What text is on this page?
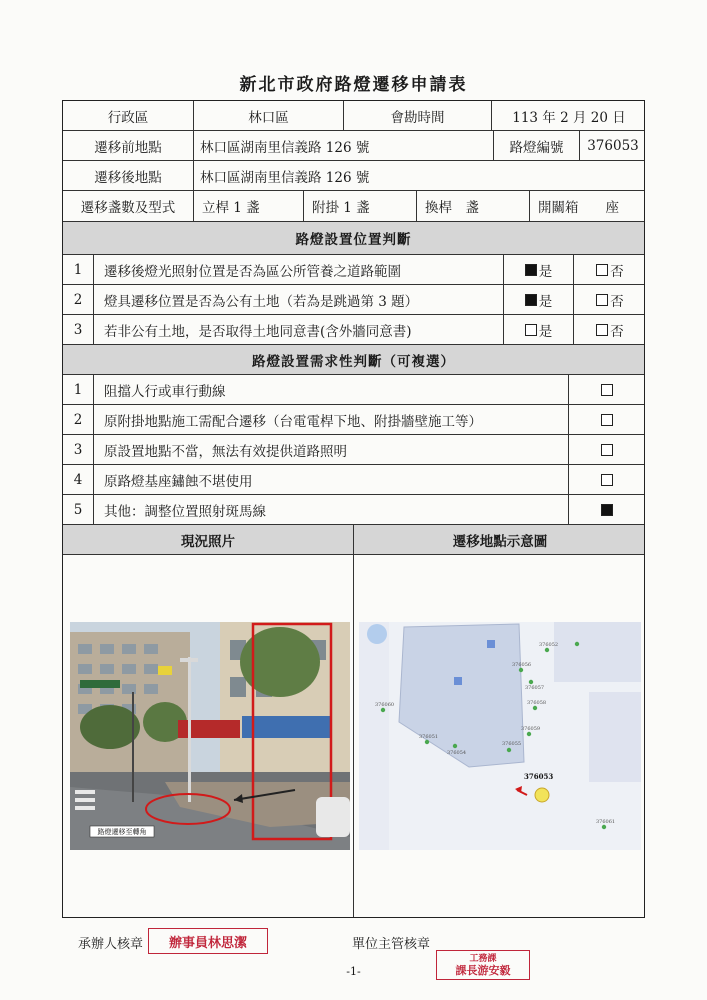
新北市政府路燈遷移申請表
行政區	林口區	會勘時間	113 年 2 月 20 日
遷移前地點	林口區湖南里信義路 126 號	路燈編號	376053
遷移後地點	林口區湖南里信義路 126 號
遷移盞數及型式	立桿 1 盞	附掛 1 盞	換桿　盞	開關箱　　座
路燈設置位置判斷
1	遷移後燈光照射位置是否為區公所管養之道路範圍	是	否
2	燈具遷移位置是否為公有土地（若為是跳過第 3 題）	是	否
3	若非公有土地，是否取得土地同意書(含外牆同意書)	是	否
路燈設置需求性判斷（可複選）
1	阻擋人行或車行動線
2	原附掛地點施工需配合遷移（台電電桿下地、附掛牆壁施工等）
3	原設置地點不當，無法有效提供道路照明
4	原路燈基座鏽蝕不堪使用
5	其他：調整位置照射斑馬線
現況照片	遷移地點示意圖
路燈遷移至轉角
376053
376052
376056
376057
376058
376059
376055
376054
376051
376060
376061
承辦人核章	辦事員林思潔	單位主管核章
工務課
課長游安毅
-1-
